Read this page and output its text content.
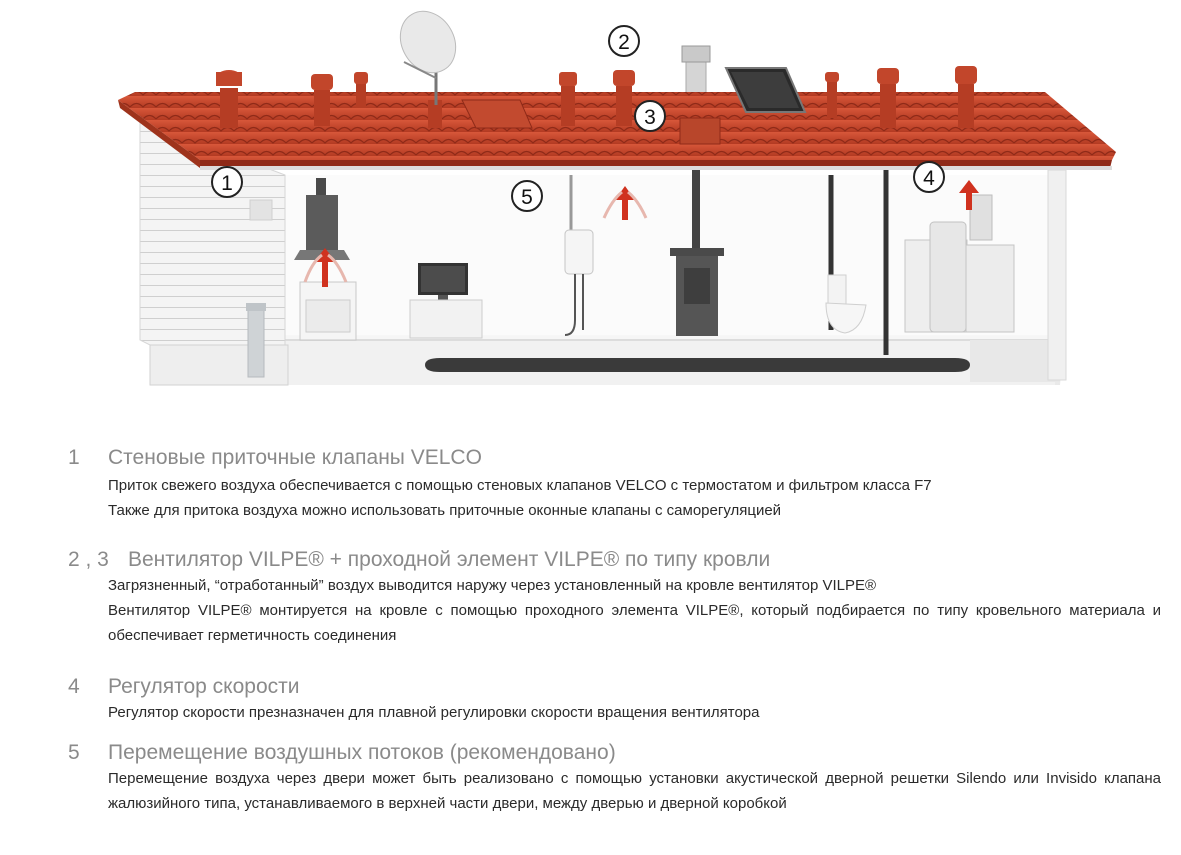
1
2
3
4
5
1 Стеновые приточные клапаны VELCO

Приток свежего воздуха обеспечивается с помощью стеновых клапанов VELCO с термостатом и фильтром класса F7

Также для притока воздуха можно использовать приточные оконные клапаны с саморегуляцией

2 , 3 Вентилятор VILPE® + проходной элемент VILPE® по типу кровли

Загрязненный, “отработанный” воздух выводится наружу через установленный на кровле вентилятор VILPE®

Вентилятор VILPE® монтируется на кровле с помощью проходного элемента VILPE®, который подбирается по типу кровельного материала и обеспечивает герметичность соединения

4 Регулятор скорости

Регулятор скорости презназначен для плавной регулировки скорости вращения вентилятора

5 Перемещение воздушных потоков (рекомендовано)

Перемещение воздуха через двери может быть реализовано с помощью установки акустической дверной решетки Silendo или Invisido клапана жалюзийного типа, устанавливаемого в верхней части двери, между дверью и дверной коробкой
